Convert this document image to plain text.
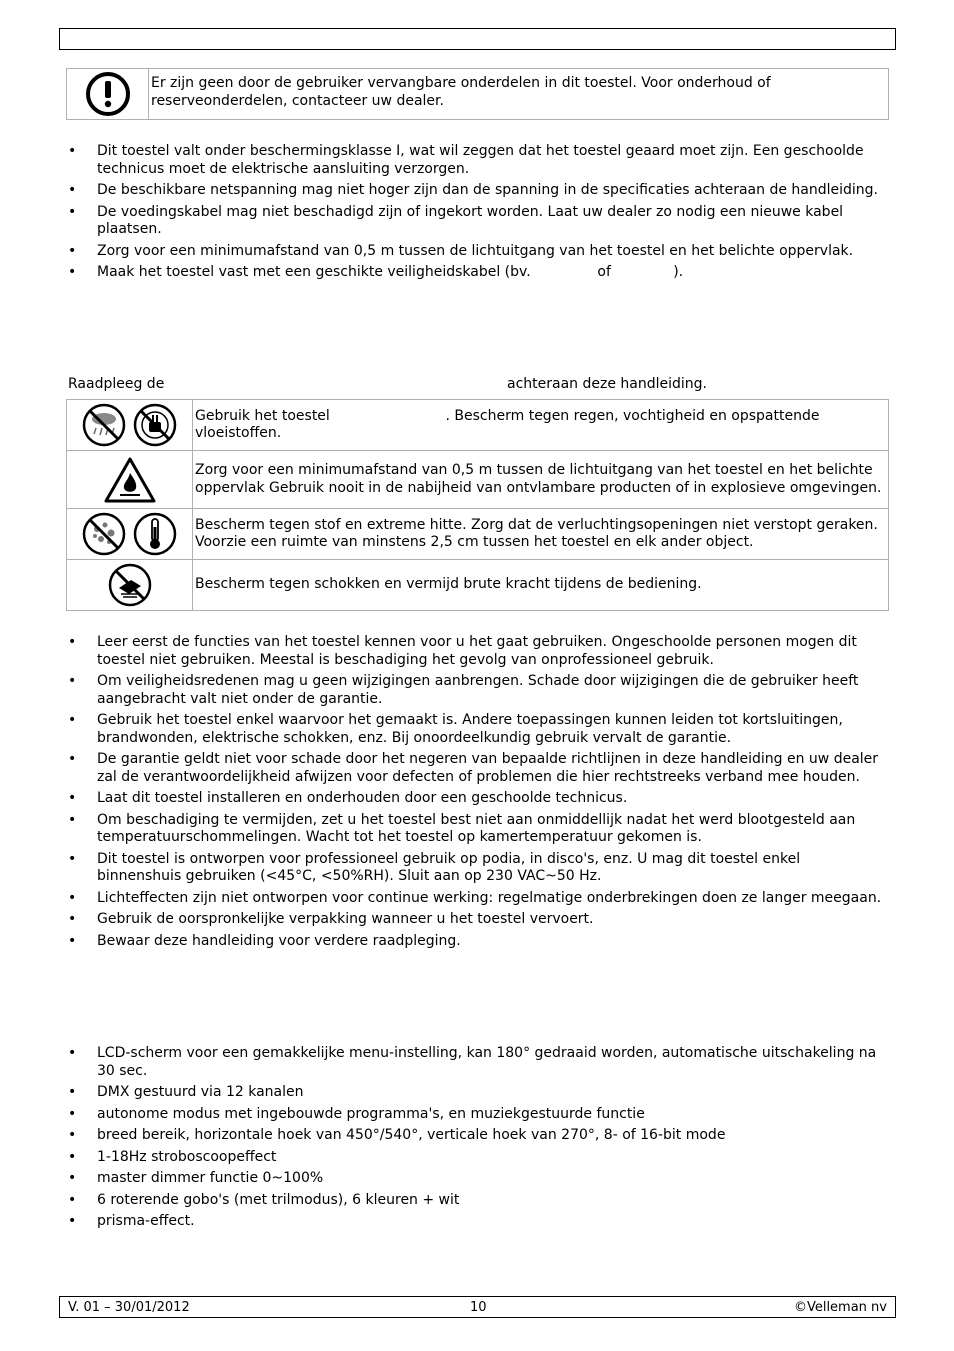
Er zijn geen door de gebruiker vervangbare onderdelen in dit toestel. Voor onderhoud of reserveonderdelen, contacteer uw dealer.
• Dit toestel valt onder beschermingsklasse I, wat wil zeggen dat het toestel geaard moet zijn. Een geschoolde technicus moet de elektrische aansluiting verzorgen.
• De beschikbare netspanning mag niet hoger zijn dan de spanning in de specificaties achteraan de handleiding.
• De voedingskabel mag niet beschadigd zijn of ingekort worden. Laat uw dealer zo nodig een nieuwe kabel plaatsen.
• Zorg voor een minimumafstand van 0,5 m tussen de lichtuitgang van het toestel en het belichte oppervlak.
• Maak het toestel vast met een geschikte veiligheidskabel (bv.               of              ).
Raadpleeg de	achteraan deze handleiding.
	Gebruik het toestel                          . Bescherm tegen regen, vochtigheid en opspattende vloeistoffen.
	Zorg voor een minimumafstand van 0,5 m tussen de lichtuitgang van het toestel en het belichte oppervlak Gebruik nooit in de nabijheid van ontvlambare producten of in explosieve omgevingen.
	Bescherm tegen stof en extreme hitte. Zorg dat de verluchtingsopeningen niet verstopt geraken. Voorzie een ruimte van minstens 2,5 cm tussen het toestel en elk ander object.
	Bescherm tegen schokken en vermijd brute kracht tijdens de bediening.
• Leer eerst de functies van het toestel kennen voor u het gaat gebruiken. Ongeschoolde personen mogen dit toestel niet gebruiken. Meestal is beschadiging het gevolg van onprofessioneel gebruik.
• Om veiligheidsredenen mag u geen wijzigingen aanbrengen. Schade door wijzigingen die de gebruiker heeft aangebracht valt niet onder de garantie.
• Gebruik het toestel enkel waarvoor het gemaakt is. Andere toepassingen kunnen leiden tot kortsluitingen, brandwonden, elektrische schokken, enz. Bij onoordeelkundig gebruik vervalt de garantie.
• De garantie geldt niet voor schade door het negeren van bepaalde richtlijnen in deze handleiding en uw dealer zal de verantwoordelijkheid afwijzen voor defecten of problemen die hier rechtstreeks verband mee houden.
• Laat dit toestel installeren en onderhouden door een geschoolde technicus.
• Om beschadiging te vermijden, zet u het toestel best niet aan onmiddellijk nadat het werd blootgesteld aan temperatuurschommelingen. Wacht tot het toestel op kamertemperatuur gekomen is.
• Dit toestel is ontworpen voor professioneel gebruik op podia, in disco's, enz. U mag dit toestel enkel binnenshuis gebruiken (<45°C, <50%RH). Sluit aan op 230 VAC~50 Hz.
• Lichteffecten zijn niet ontworpen voor continue werking: regelmatige onderbrekingen doen ze langer meegaan.
• Gebruik de oorspronkelijke verpakking wanneer u het toestel vervoert.
• Bewaar deze handleiding voor verdere raadpleging.
• LCD-scherm voor een gemakkelijke menu-instelling, kan 180° gedraaid worden, automatische uitschakeling na 30 sec.
• DMX gestuurd via 12 kanalen
• autonome modus met ingebouwde programma's, en muziekgestuurde functie
• breed bereik, horizontale hoek van 450°/540°, verticale hoek van 270°, 8- of 16-bit mode
• 1-18Hz stroboscoopeffect
• master dimmer functie 0~100%
• 6 roterende gobo's (met trilmodus), 6 kleuren + wit
• prisma-effect.
V. 01 – 30/01/2012	10	©Velleman nv
